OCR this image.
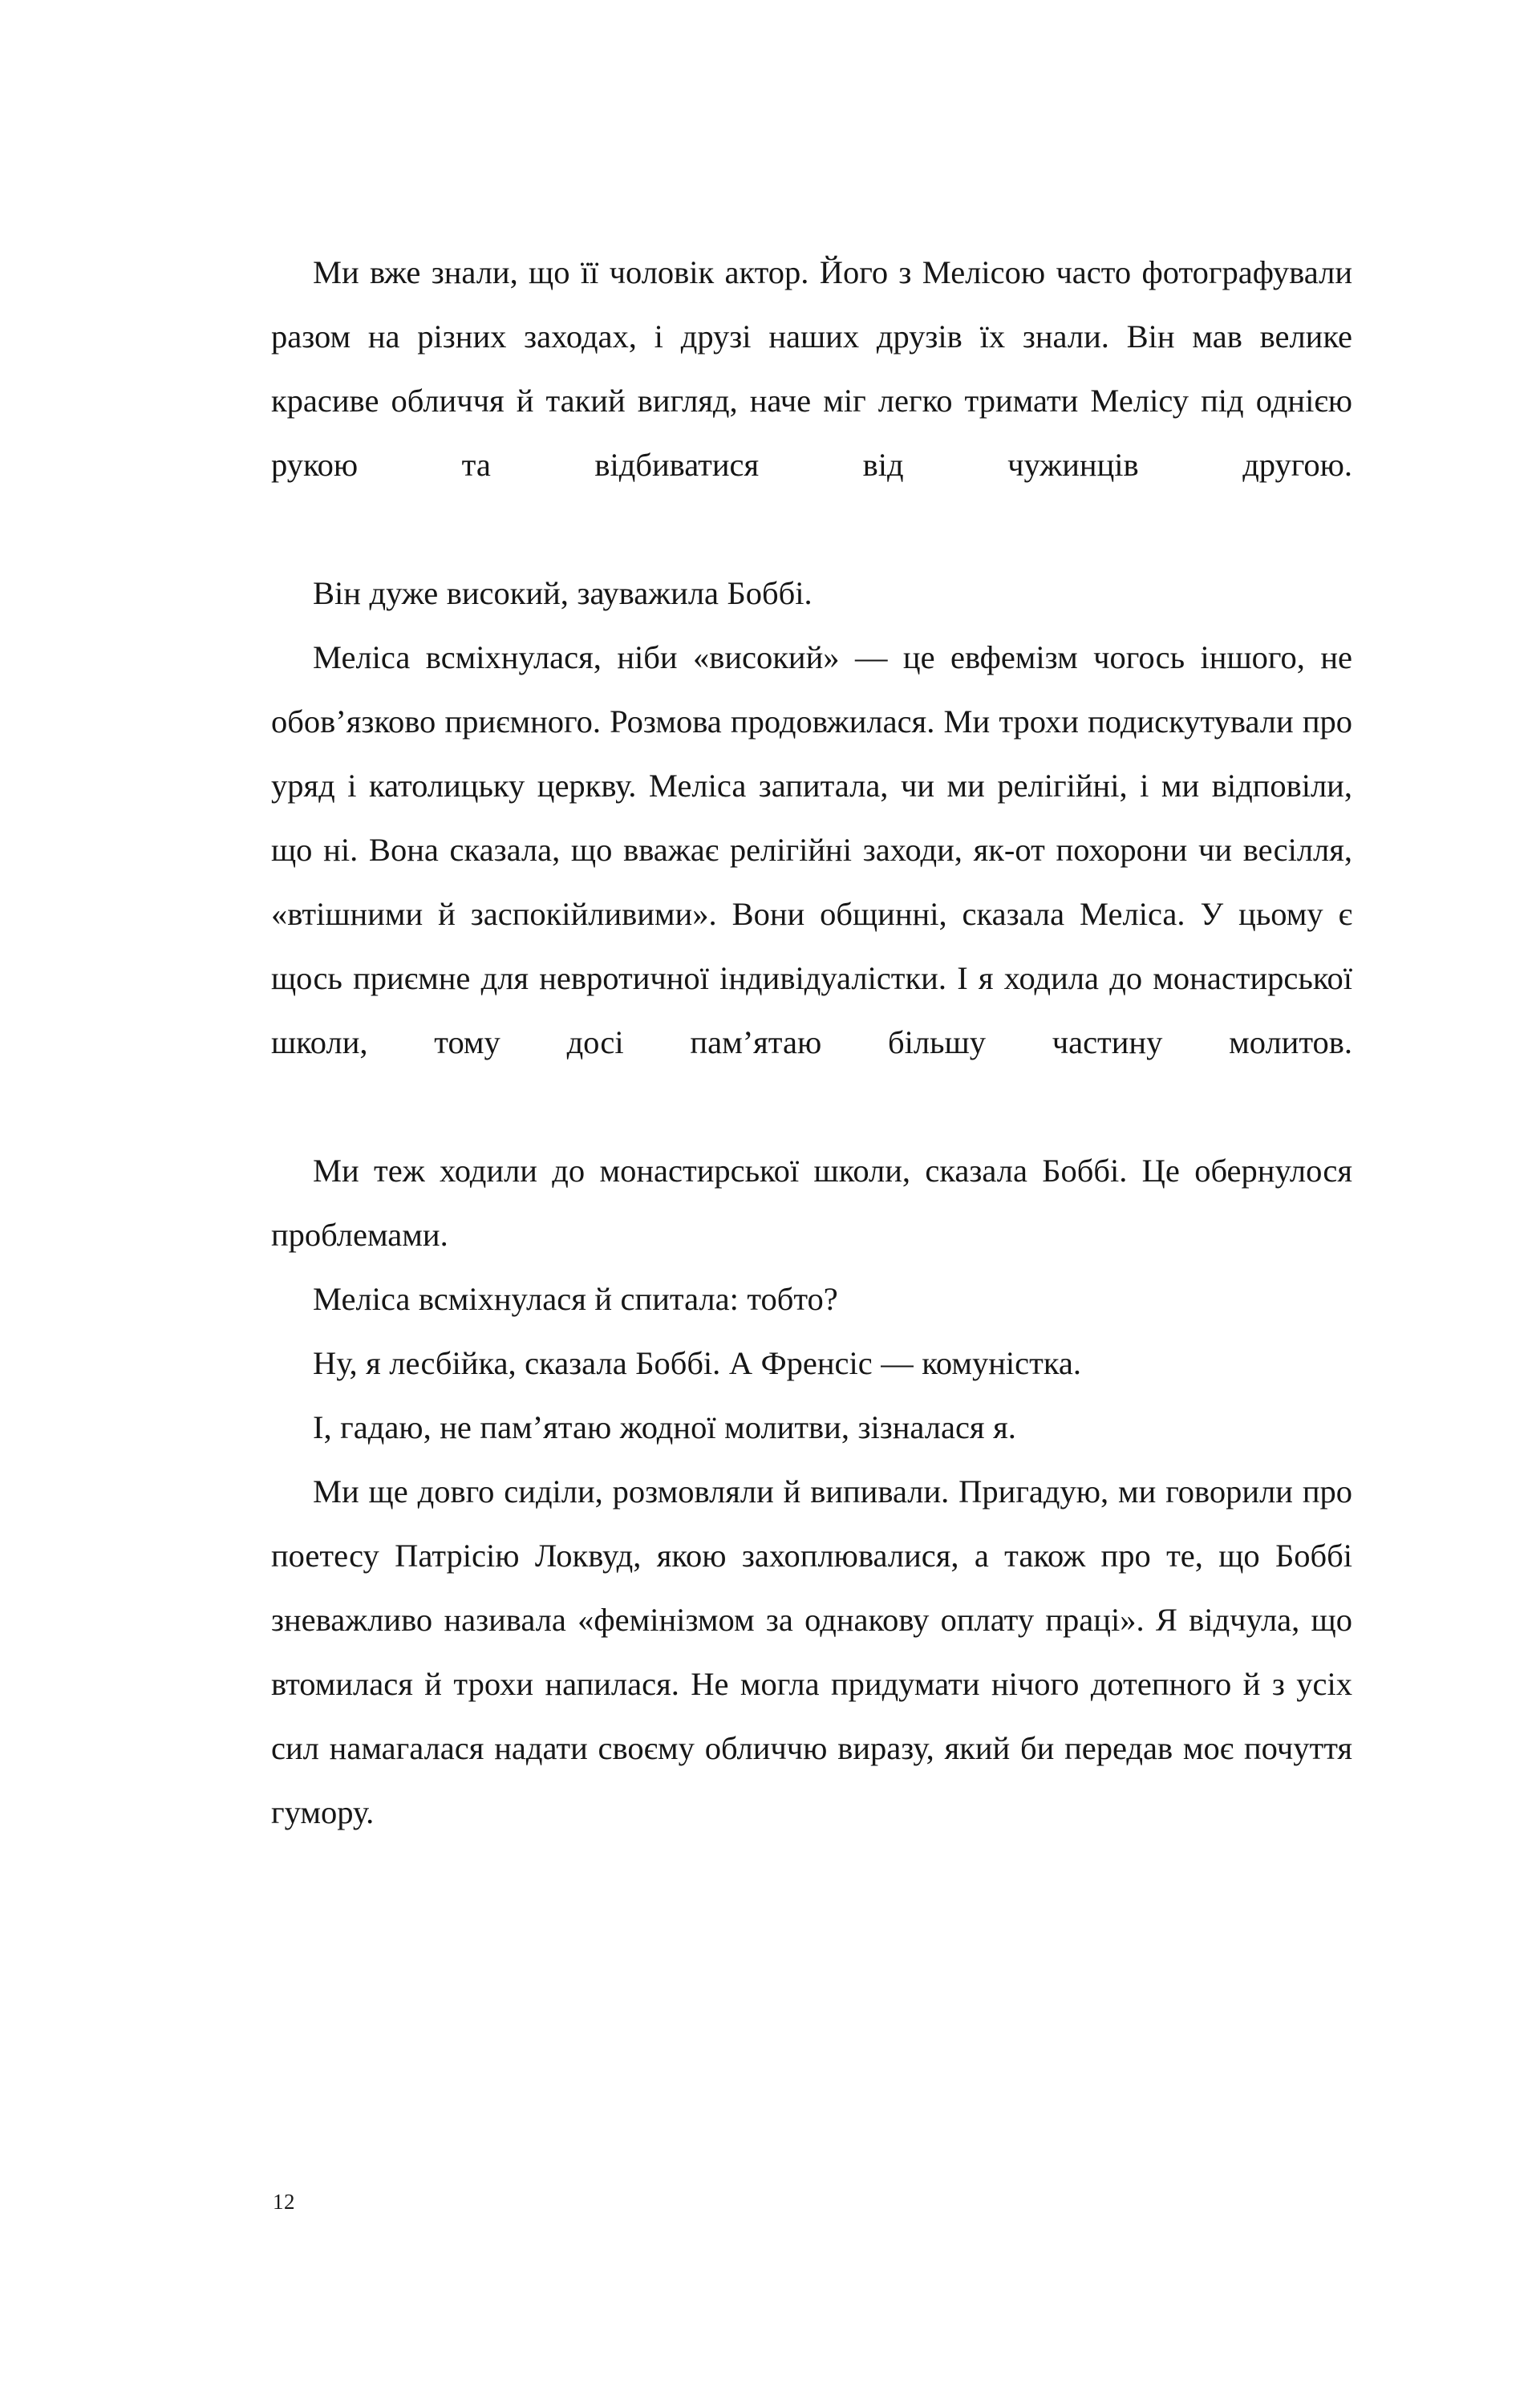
Ми вже знали, що її чоловік актор. Його з Мелісою часто фотографували разом на різних заходах, і друзі наших друзів їх знали. Він мав велике красиве обличчя й такий вигляд, наче міг легко тримати Мелісу під однією рукою та відбиватися від чужинців другою.

Він дуже високий, зауважила Боббі.

Меліса всміхнулася, ніби «високий» — це евфемізм чогось іншого, не обов’язково приємного. Розмова продовжилася. Ми трохи подискутували про уряд і католицьку церкву. Меліса запитала, чи ми релігійні, і ми відповіли, що ні. Вона сказала, що вважає релігійні заходи, як-от похорони чи весілля, «втішними й заспокійливими». Вони общинні, сказала Меліса. У цьому є щось приємне для невротичної індивідуалістки. І я ходила до монастирської школи, тому досі пам’ятаю більшу частину молитов.

Ми теж ходили до монастирської школи, сказала Боббі. Це обернулося проблемами.

Меліса всміхнулася й спитала: тобто?

Ну, я лесбійка, сказала Боббі. А Френсіс — комуністка.

І, гадаю, не пам’ятаю жодної молитви, зізналася я.

Ми ще довго сиділи, розмовляли й випивали. Пригадую, ми говорили про поетесу Патрісію Локвуд, якою захоплювалися, а також про те, що Боббі зневажливо називала «фемінізмом за однакову оплату праці». Я відчула, що втомилася й трохи напилася. Не могла придумати нічого дотепного й з усіх сил намагалася надати своєму обличчю виразу, який би передав моє почуття гумору.

12
